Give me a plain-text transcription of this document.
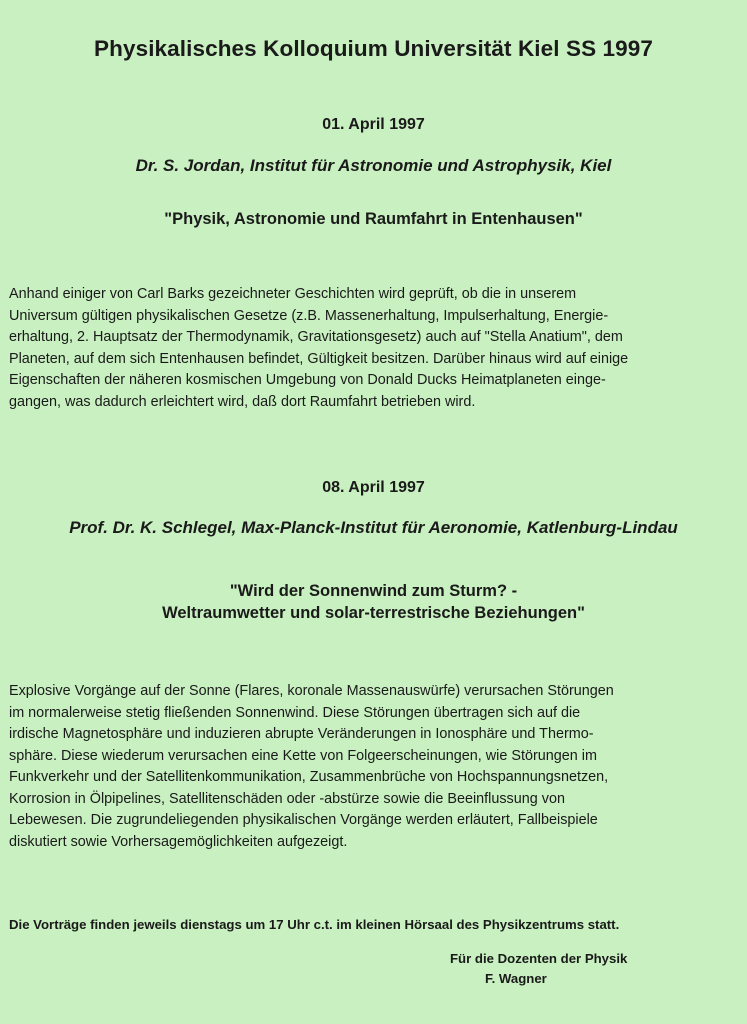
Physikalisches Kolloquium Universität Kiel SS 1997
01. April 1997
Dr. S. Jordan, Institut für Astronomie und Astrophysik, Kiel
"Physik, Astronomie und Raumfahrt in Entenhausen"
Anhand einiger von Carl Barks gezeichneter Geschichten wird geprüft, ob die in unserem
Universum gültigen physikalischen Gesetze (z.B. Massenerhaltung, Impulserhaltung, Energie-
erhaltung, 2. Hauptsatz der Thermodynamik, Gravitationsgesetz) auch auf "Stella Anatium", dem
Planeten, auf dem sich Entenhausen befindet, Gültigkeit besitzen. Darüber hinaus wird auf einige
Eigenschaften der näheren kosmischen Umgebung von Donald Ducks Heimatplaneten einge-
gangen, was dadurch erleichtert wird, daß dort Raumfahrt betrieben wird.
08. April 1997
Prof. Dr. K. Schlegel, Max-Planck-Institut für Aeronomie, Katlenburg-Lindau
"Wird der Sonnenwind zum Sturm? -
Weltraumwetter und solar-terrestrische Beziehungen"
Explosive Vorgänge auf der Sonne (Flares, koronale Massenauswürfe) verursachen Störungen
im normalerweise stetig fließenden Sonnenwind. Diese Störungen übertragen sich auf die
irdische Magnetosphäre und induzieren abrupte Veränderungen in Ionosphäre und Thermo-
sphäre. Diese wiederum verursachen eine Kette von Folgeerscheinungen, wie Störungen im
Funkverkehr und der Satellitenkommunikation, Zusammenbrüche von Hochspannungsnetzen,
Korrosion in Ölpipelines, Satellitenschäden oder -abstürze sowie die Beeinflussung von
Lebewesen. Die zugrundeliegenden physikalischen Vorgänge werden erläutert, Fallbeispiele
diskutiert sowie Vorhersagemöglichkeiten aufgezeigt.
Die Vorträge finden jeweils dienstags um 17 Uhr c.t. im kleinen Hörsaal des Physikzentrums statt.
Für die Dozenten der Physik
F. Wagner
